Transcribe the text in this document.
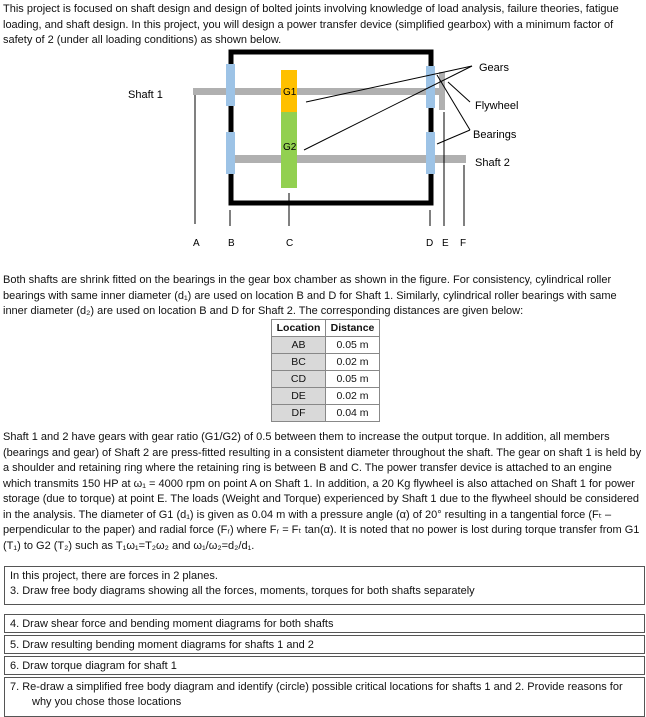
This project is focused on shaft design and design of bolted joints involving knowledge of load analysis, failure theories, fatigue loading, and shaft design. In this project, you will design a power transfer device (simplified gearbox) with a minimum factor of safety of 2 (under all loading conditions) as shown below.

G1
G2
Shaft 1
Shaft 2
Gears
Flywheel
Bearings
A	B	C	D E F

Both shafts are shrink fitted on the bearings in the gear box chamber as shown in the figure. For consistency, cylindrical roller bearings with same inner diameter (d₁) are used on location B and D for Shaft 1. Similarly, cylindrical roller bearings with same inner diameter (d₂) are used on location B and D for Shaft 2. The corresponding distances are given below:

Location	Distance
AB	0.05 m
BC	0.02 m
CD	0.05 m
DE	0.02 m
DF	0.04 m

Shaft 1 and 2 have gears with gear ratio (G1/G2) of 0.5 between them to increase the output torque. In addition, all members (bearings and gear) of Shaft 2 are press-fitted resulting in a consistent diameter throughout the shaft. The gear on shaft 1 is held by a shoulder and retaining ring where the retaining ring is between B and C. The power transfer device is attached to an engine which transmits 150 HP at ω₁ = 4000 rpm on point A on Shaft 1. In addition, a 20 Kg flywheel is also attached on Shaft 1 for power storage (due to torque) at point E. The loads (Weight and Torque) experienced by Shaft 1 due to the flywheel should be considered in the analysis. The diameter of G1 (d₁) is given as 0.04 m with a pressure angle (α) of 20° resulting in a tangential force (Fₜ – perpendicular to the paper) and radial force (Fᵣ) where Fᵣ = Fₜ tan(α). It is noted that no power is lost during torque transfer from G1 (T₁) to G2 (T₂) such as T₁ω₁=T₂ω₂ and ω₁/ω₂=d₂/d₁.

In this project, there are forces in 2 planes.
3. Draw free body diagrams showing all the forces, moments, torques for both shafts separately
4. Draw shear force and bending moment diagrams for both shafts
5. Draw resulting bending moment diagrams for shafts 1 and 2
6. Draw torque diagram for shaft 1
7. Re-draw a simplified free body diagram and identify (circle) possible critical locations for shafts 1 and 2. Provide reasons for
why you chose those locations
